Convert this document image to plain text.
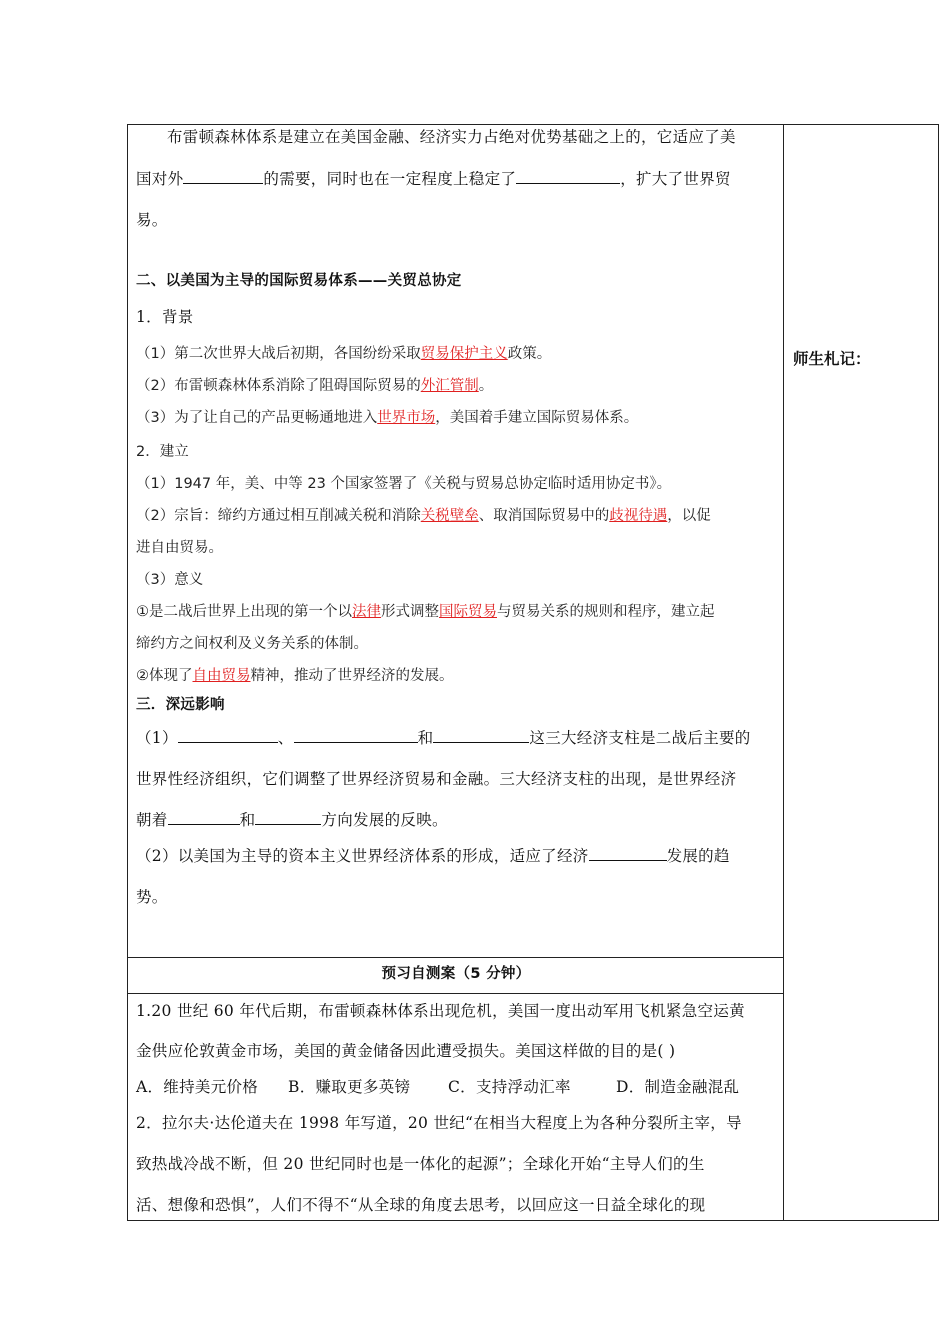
布雷顿森林体系是建立在美国金融、经济实力占绝对优势基础之上的，它适应了美
国对外	的需要，同时也在一定程度上稳定了	，扩大了世界贸
易。
二、以美国为主导的国际贸易体系——关贸总协定
1．背景
（1）第二次世界大战后初期，各国纷纷采取贸易保护主义政策。
（2）布雷顿森林体系消除了阻碍国际贸易的外汇管制。
（3）为了让自己的产品更畅通地进入世界市场，美国着手建立国际贸易体系。
2．建立
（1）1947 年，美、中等 23 个国家签署了《关税与贸易总协定临时适用协定书》。
（2）宗旨：缔约方通过相互削减关税和消除关税壁垒、取消国际贸易中的歧视待遇，以促
进自由贸易。
（3）意义
①是二战后世界上出现的第一个以法律形式调整国际贸易与贸易关系的规则和程序，建立起
缔约方之间权利及义务关系的体制。
②体现了自由贸易精神，推动了世界经济的发展。
三．深远影响
（1）	、	和	这三大经济支柱是二战后主要的
世界性经济组织，它们调整了世界经济贸易和金融。三大经济支柱的出现，是世界经济
朝着	和	方向发展的反映。
（2）以美国为主导的资本主义世界经济体系的形成，适应了经济	发展的趋
势。
预习自测案（5 分钟）
1.20 世纪 60 年代后期，布雷顿森林体系出现危机，美国一度出动军用飞机紧急空运黄
金供应伦敦黄金市场，美国的黄金储备因此遭受损失。美国这样做的目的是( )
A．维持美元价格 B．赚取更多英镑 C．支持浮动汇率	D．制造金融混乱
2．拉尔夫·达伦道夫在 1998 年写道，20 世纪“在相当大程度上为各种分裂所主宰，导
致热战冷战不断，但 20 世纪同时也是一体化的起源”；全球化开始“主导人们的生
活、想像和恐惧”，人们不得不“从全球的角度去思考，以回应这一日益全球化的现
师生札记：
